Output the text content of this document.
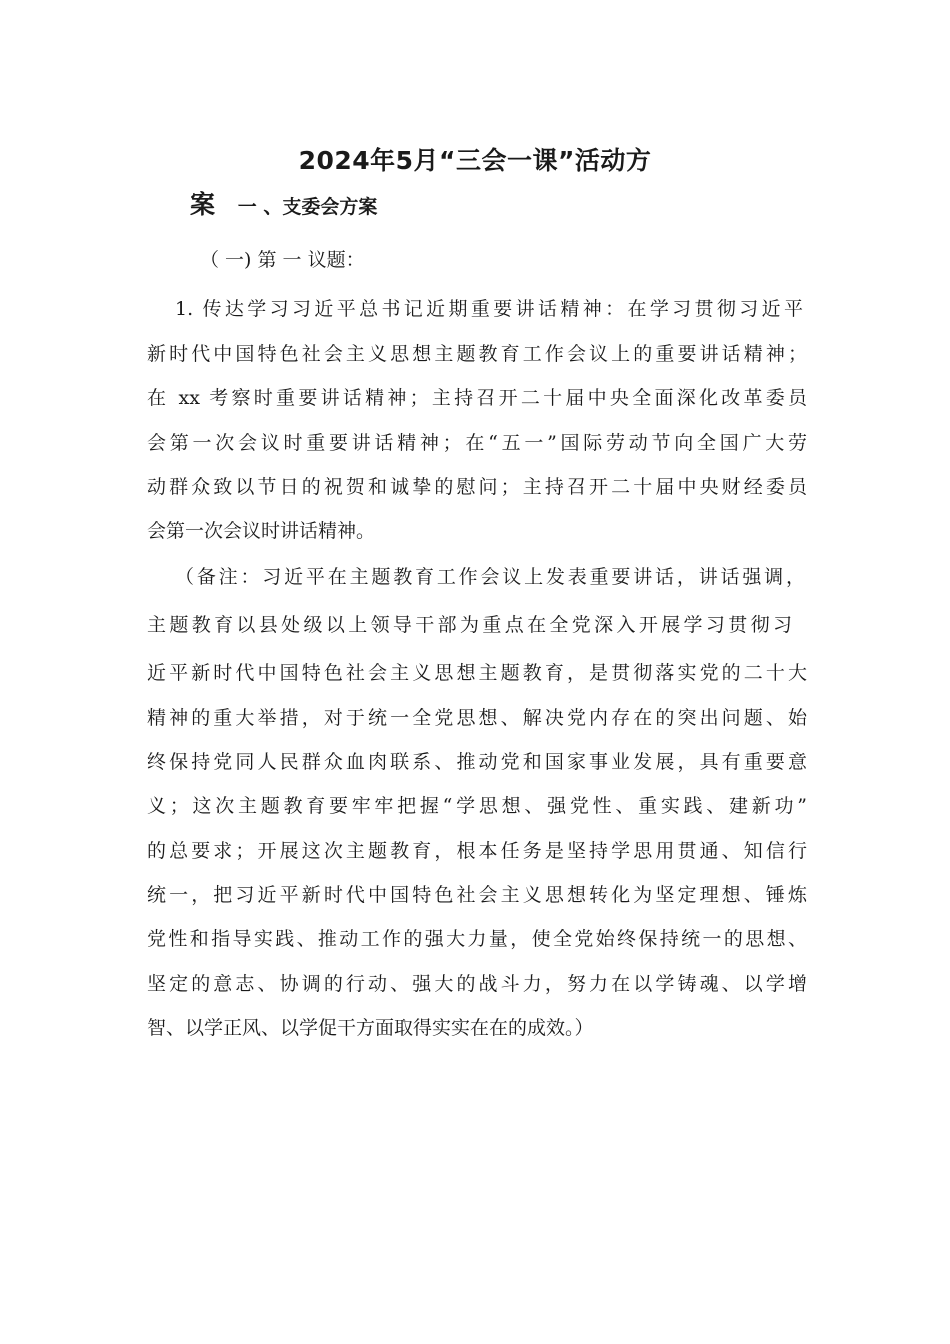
2024年5月“三会一课”活动方
案 一 、支委会方案

（ 一) 第 一 议题：

1. 传达学习习近平总书记近期重要讲话精神：在学习贯彻习近平

新时代中国特色社会主义思想主题教育工作会议上的重要讲话精神；

在 xx 考察时重要讲话精神；主持召开二十届中央全面深化改革委员

会第一次会议时重要讲话精神；在“五一”国际劳动节向全国广大劳

动群众致以节日的祝贺和诚挚的慰问；主持召开二十届中央财经委员

会第一次会议时讲话精神。

（备注：习近平在主题教育工作会议上发表重要讲话，讲话强调，

主题教育以县处级以上领导干部为重点在全党深入开展学习贯彻习

近平新时代中国特色社会主义思想主题教育，是贯彻落实党的二十大

精神的重大举措，对于统一全党思想、解决党内存在的突出问题、始

终保持党同人民群众血肉联系、推动党和国家事业发展，具有重要意

义；这次主题教育要牢牢把握“学思想、强党性、重实践、建新功”

的总要求；开展这次主题教育，根本任务是坚持学思用贯通、知信行

统一，把习近平新时代中国特色社会主义思想转化为坚定理想、锤炼

党性和指导实践、推动工作的强大力量，使全党始终保持统一的思想、

坚定的意志、协调的行动、强大的战斗力，努力在以学铸魂、以学增

智、以学正风、以学促干方面取得实实在在的成效。）
